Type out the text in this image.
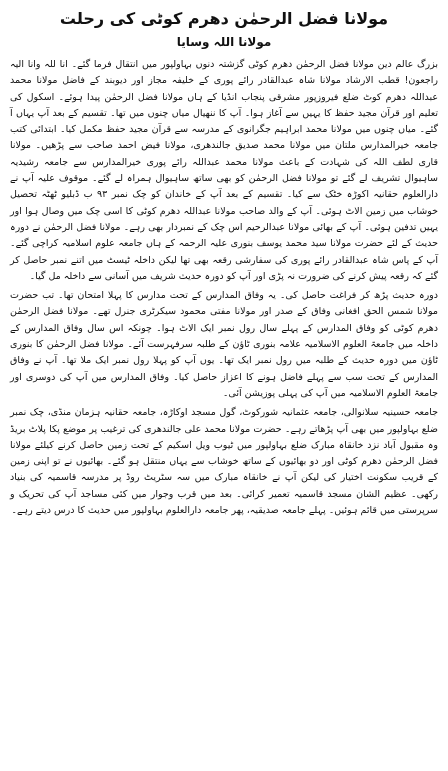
مولانا فضل الرحمٰن دھرم کوٹی کی رحلت
مولانا اللہ وسایا

بزرگ عالم دین مولانا فضل الرحمٰن دھرم کوٹی گزشتہ دنوں بہاولپور میں انتقال فرما گئے۔ انا للہ وانا الیہ راجعون! قطب الارشاد مولانا شاہ عبدالقادر رائے پوری کے خلیفہ مجاز اور دیوبند کے فاضل مولانا محمد عبداللہ دھرم کوٹ ضلع فیروزپور مشرقی پنجاب انڈیا کے ہاں مولانا فضل الرحمٰن پیدا ہوئے۔ اسکول کی تعلیم اور قرآن مجید حفظ کا یہیں سے آغاز ہوا۔ آپ کا ننھیال میاں چنوں میں تھا۔ تقسیم کے بعد آپ یہاں آ گئے۔ میاں چنوں میں مولانا محمد ابراہیم جگرانوی کے مدرسہ سے قرآن مجید حفظ مکمل کیا۔ ابتدائی کتب جامعہ خیرالمدارس ملتان میں مولانا محمد صدیق جالندھری، مولانا فیض احمد صاحب سے پڑھیں۔ مولانا قاری لطف اللہ کی شہادت کے باعث مولانا محمد عبداللہ رائے پوری خیرالمدارس سے جامعہ رشیدیہ ساہیوال تشریف لے گئے تو مولانا فضل الرحمٰن کو بھی ساتھ ساہیوال ہمراہ لے گئے۔ موقوف علیہ آپ نے دارالعلوم حقانیہ اکوڑہ خٹک سے کیا۔ تقسیم کے بعد آپ کے خاندان کو چک نمبر ۹۳ ب ڈبلیو ٹھٹہ تحصیل خوشاب میں زمین الاٹ ہوئی۔ آپ کے والد صاحب مولانا عبداللہ دھرم کوٹی کا اسی چک میں وصال ہوا اور یہیں تدفین ہوئی۔ آپ کے بھائی مولانا عبدالرحیم اس چک کے نمبردار بھی رہے۔ مولانا فضل الرحمٰن نے دورہ حدیث کے لئے حضرت مولانا سید محمد یوسف بنوری علیہ الرحمہ کے ہاں جامعہ علوم اسلامیہ کراچی گئے۔ آپ کے پاس شاہ عبدالقادر رائے پوری کی سفارشی رقعہ بھی تھا لیکن داخلہ ٹیسٹ میں اتنے نمبر حاصل کر گئے کہ رقعہ پیش کرنے کی ضرورت نہ پڑی اور آپ کو دورہ حدیث شریف میں آسانی سے داخلہ مل گیا۔

دورہ حدیث پڑھ کر فراغت حاصل کی۔ یہ وفاق المدارس کے تحت مدارس کا پہلا امتحان تھا۔ تب حضرت مولانا شمس الحق افغانی وفاق کے صدر اور مولانا مفتی محمود سیکرٹری جنرل تھے۔ مولانا فضل الرحمٰن دھرم کوٹی کو وفاق المدارس کے پہلے سال رول نمبر ایک الاٹ ہوا۔ چونکہ اس سال وفاق المدارس کے داخلہ میں جامعۃ العلوم الاسلامیہ علامہ بنوری ٹاؤن کے طلبہ سرفہرست آئے۔ مولانا فضل الرحمٰن کا بنوری ٹاؤن میں دورہ حدیث کے طلبہ میں رول نمبر ایک تھا۔ یوں آپ کو پہلا رول نمبر ایک ملا تھا۔ آپ نے وفاق المدارس کے تحت سب سے پہلے فاضل ہونے کا اعزاز حاصل کیا۔ وفاق المدارس میں آپ کی دوسری اور جامعۃ العلوم الاسلامیہ میں آپ کی پہلی پوزیشن آئی۔

جامعہ حسینیہ سلانوالی، جامعہ عثمانیہ شورکوٹ، گول مسجد اوکاڑہ، جامعہ حقانیہ ہزمان منڈی، چک نمبر ضلع بہاولپور میں بھی آپ پڑھاتے رہے۔ حضرت مولانا محمد علی جالندھری کی ترغیب پر موضع پکا پلاٹ بریڈ وہ مقبول آباد نزد خانقاہ مبارک ضلع بہاولپور میں ٹیوب ویل اسکیم کے تحت زمین حاصل کرنے کیلئے مولانا فضل الرحمٰن دھرم کوٹی اور دو بھائیوں کے ساتھ خوشاب سے یہاں منتقل ہو گئے۔ بھائیوں نے تو اپنی زمین کے قریب سکونت اختیار کی لیکن آپ نے خانقاہ مبارک میں سہ سٹریٹ روڈ پر مدرسہ قاسمیہ کی بنیاد رکھی۔ عظیم الشان مسجد قاسمیہ تعمیر کرائی۔ بعد میں قرب وجوار میں کئی مساجد آپ کی تحریک و سرپرستی میں قائم ہوئیں۔ پہلے جامعہ صدیقیہ، پھر جامعہ دارالعلوم بہاولپور میں حدیث کا درس دیتے رہے۔
